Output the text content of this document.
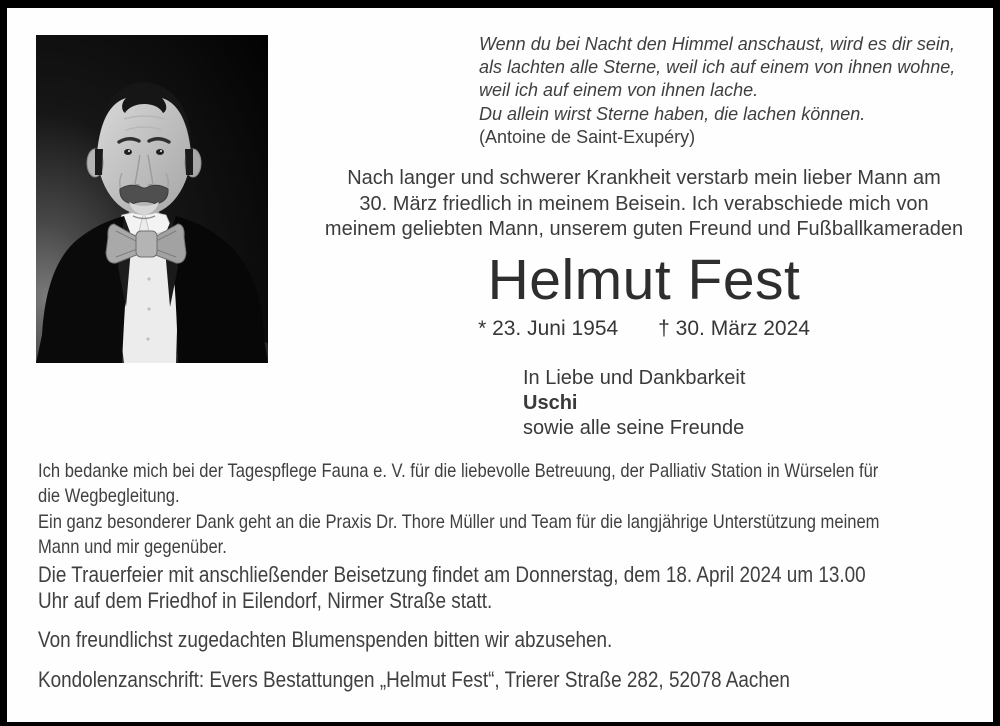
Wenn du bei Nacht den Himmel anschaust, wird es dir sein,
als lachten alle Sterne, weil ich auf einem von ihnen wohne,
weil ich auf einem von ihnen lache.
Du allein wirst Sterne haben, die lachen können.
(Antoine de Saint-Exupéry)
Nach langer und schwerer Krankheit verstarb mein lieber Mann am
30. März friedlich in meinem Beisein. Ich verabschiede mich von
meinem geliebten Mann, unserem guten Freund und Fußballkameraden
Helmut Fest
* 23. Juni 1954 † 30. März 2024
In Liebe und Dankbarkeit
Uschi
sowie alle seine Freunde
Ich bedanke mich bei der Tagespflege Fauna e. V. für die liebevolle Betreuung, der Palliativ Station in Würselen für
die Wegbegleitung.
Ein ganz besonderer Dank geht an die Praxis Dr. Thore Müller und Team für die langjährige Unterstützung meinem
Mann und mir gegenüber.
Die Trauerfeier mit anschließender Beisetzung findet am Donnerstag, dem 18. April 2024 um 13.00
Uhr auf dem Friedhof in Eilendorf, Nirmer Straße statt.
Von freundlichst zugedachten Blumenspenden bitten wir abzusehen.
Kondolenzanschrift: Evers Bestattungen „Helmut Fest“, Trierer Straße 282, 52078 Aachen
